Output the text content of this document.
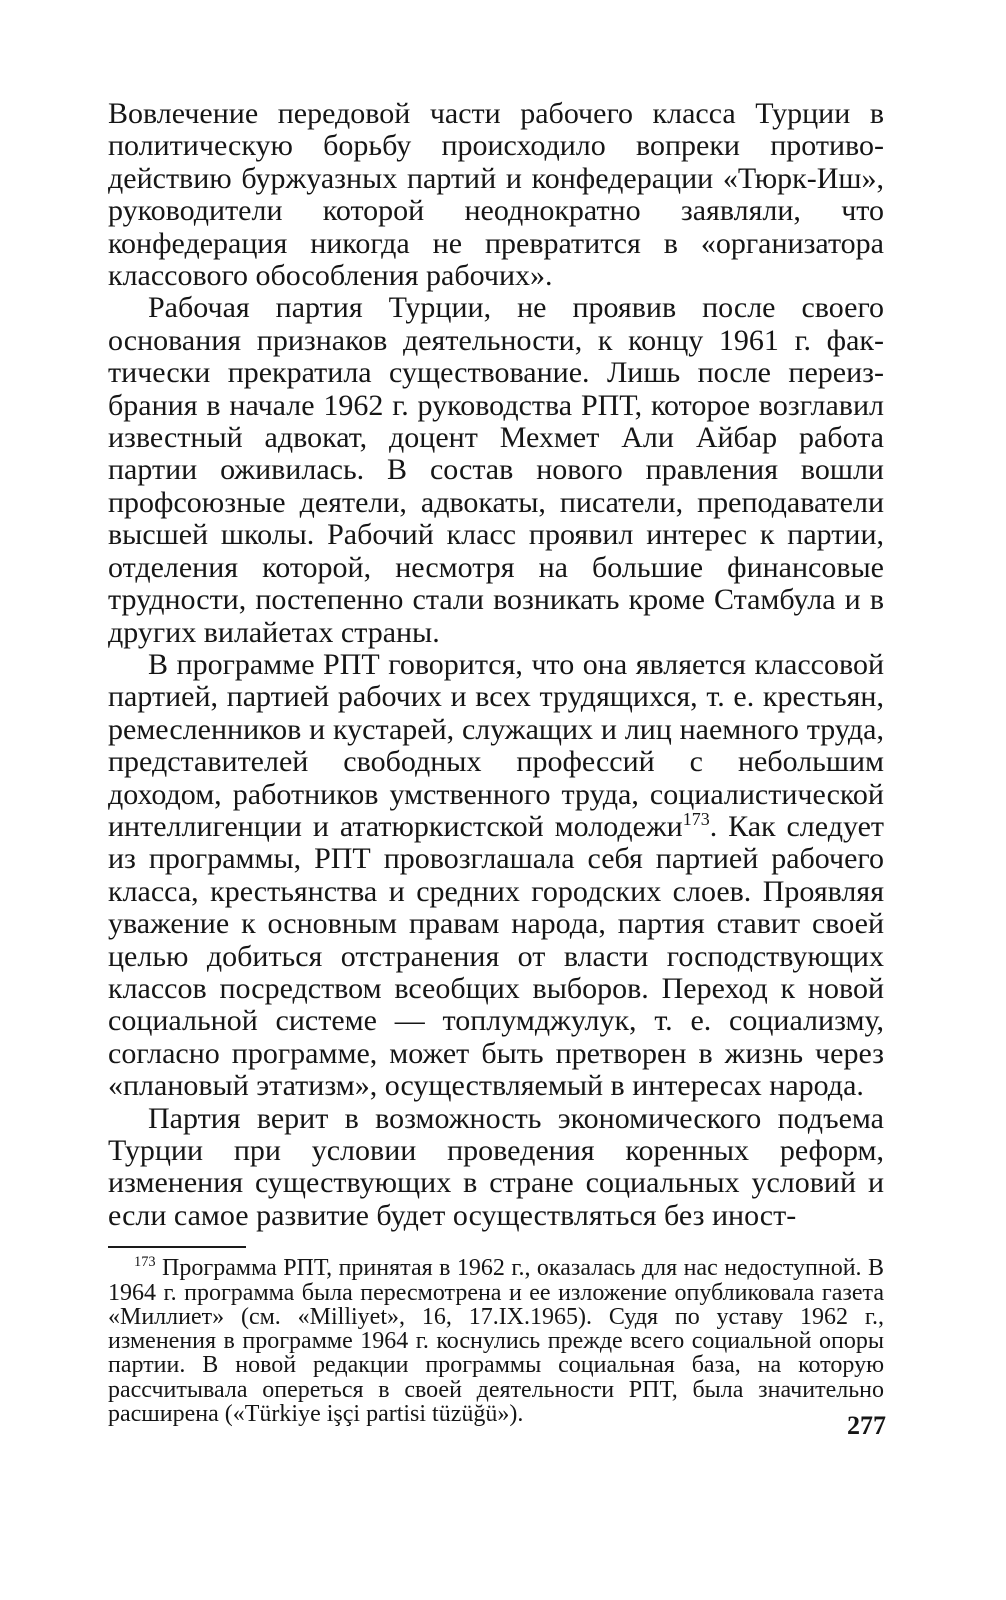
Вовлечение передовой части рабочего класса Турции в политическую борьбу происходило вопреки противодействию буржуазных партий и конфедерации «Тюрк-Иш», руководители которой неоднократно заявляли, что конфедерация никогда не превратится в «организатора классового обособления рабочих».

Рабочая партия Турции, не проявив после своего основания признаков деятельности, к концу 1961 г. фактически прекратила существование. Лишь после переизбрания в начале 1962 г. руководства РПТ, которое возглавил известный адвокат, доцент Мехмет Али Айбар работа партии оживилась. В состав нового правления вошли профсоюзные деятели, адвокаты, писатели, преподаватели высшей школы. Рабочий класс проявил интерес к партии, отделения которой, несмотря на большие финансовые трудности, постепенно стали возникать кроме Стамбула и в других вилайетах страны.

В программе РПТ говорится, что она является классовой партией, партией рабочих и всех трудящихся, т. е. крестьян, ремесленников и кустарей, служащих и лиц наемного труда, представителей свободных профессий с небольшим доходом, работников умственного труда, социалистической интеллигенции и ататюркистской молодежи$^{173}$. Как следует из программы, РПТ провозглашала себя партией рабочего класса, крестьянства и средних городских слоев. Проявляя уважение к основным правам народа, партия ставит своей целью добиться отстранения от власти господствующих классов посредством всеобщих выборов. Переход к новой социальной системе — топлумджулук, т. е. социализму, согласно программе, может быть претворен в жизнь через «плановый этатизм», осуществляемый в интересах народа.

Партия верит в возможность экономического подъема Турции при условии проведения коренных реформ, изменения существующих в стране социальных условий и если самое развитие будет осуществляться без иност-

$^{173}$ Программа РПТ, принятая в 1962 г., оказалась для нас недоступной. В 1964 г. программа была пересмотрена и ее изложение опубликовала газета «Миллиет» (см. «Milliyet», 16, 17.IX.1965). Судя по уставу 1962 г., изменения в программе 1964 г. коснулись прежде всего социальной опоры партии. В новой редакции программы социальная база, на которую рассчитывала опереться в своей деятельности РПТ, была значительно расширена («Türkiye işçi partisi tüzüğü»).	277
